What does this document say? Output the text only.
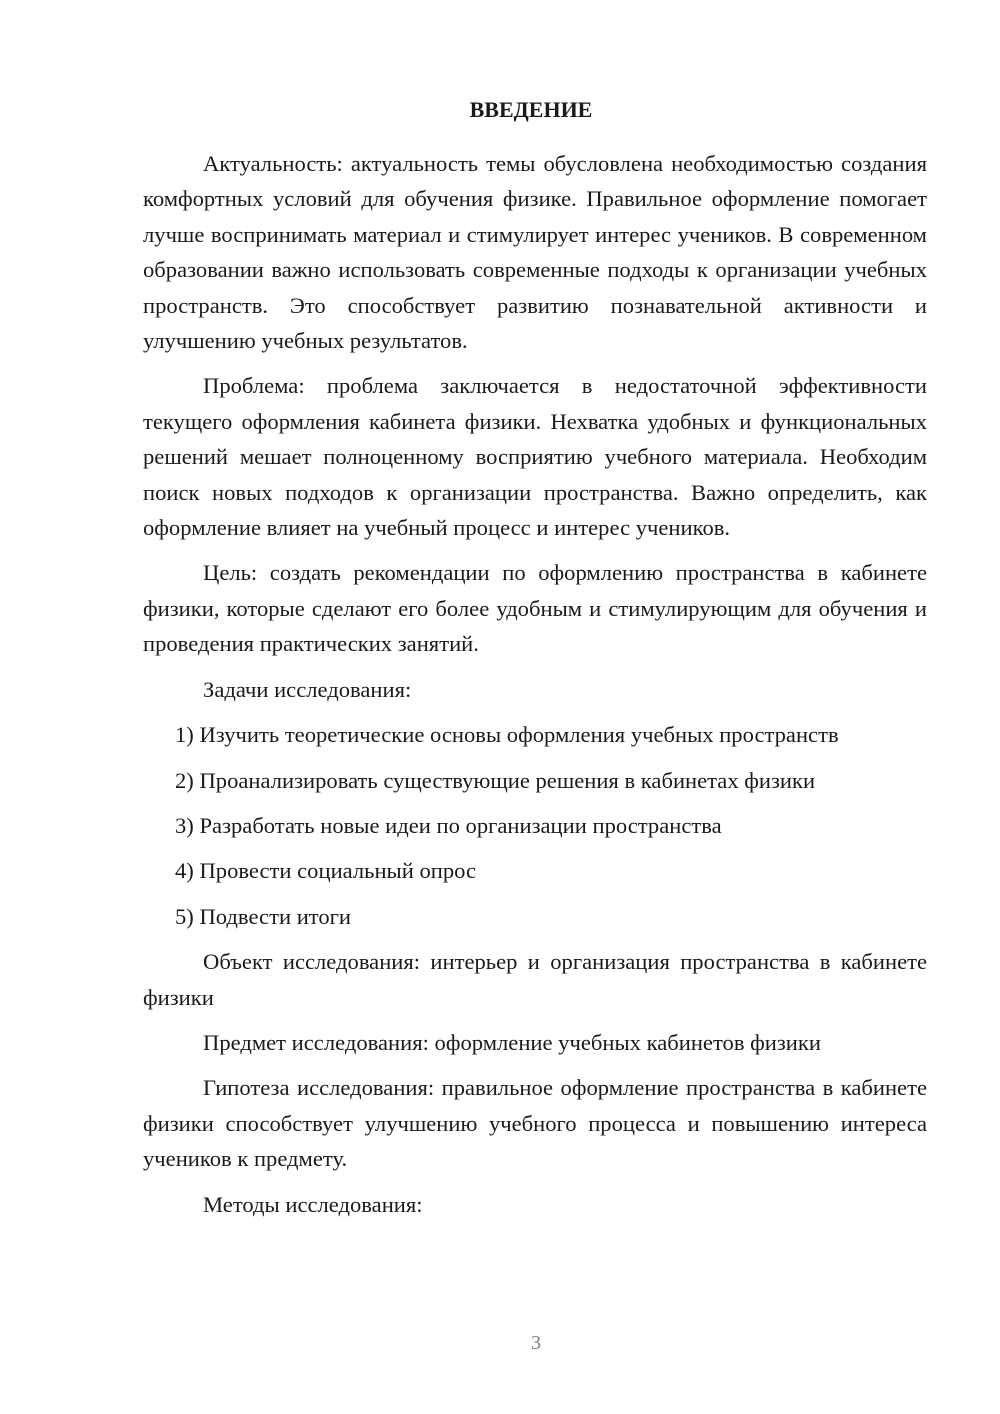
ВВЕДЕНИЕ

Актуальность: актуальность темы обусловлена необходимостью создания комфортных условий для обучения физике. Правильное оформление помогает лучше воспринимать материал и стимулирует интерес учеников. В современном образовании важно использовать современные подходы к организации учебных пространств. Это способствует развитию познавательной активности и улучшению учебных результатов.

Проблема: проблема заключается в недостаточной эффективности текущего оформления кабинета физики. Нехватка удобных и функциональных решений мешает полноценному восприятию учебного материала. Необходим поиск новых подходов к организации пространства. Важно определить, как оформление влияет на учебный процесс и интерес учеников.

Цель: создать рекомендации по оформлению пространства в кабинете физики, которые сделают его более удобным и стимулирующим для обучения и проведения практических занятий.

Задачи исследования:

1) Изучить теоретические основы оформления учебных пространств
2) Проанализировать существующие решения в кабинетах физики
3) Разработать новые идеи по организации пространства
4) Провести социальный опрос
5) Подвести итоги

Объект исследования: интерьер и организация пространства в кабинете физики

Предмет исследования: оформление учебных кабинетов физики

Гипотеза исследования: правильное оформление пространства в кабинете физики способствует улучшению учебного процесса и повышению интереса учеников к предмету.

Методы исследования:

3
